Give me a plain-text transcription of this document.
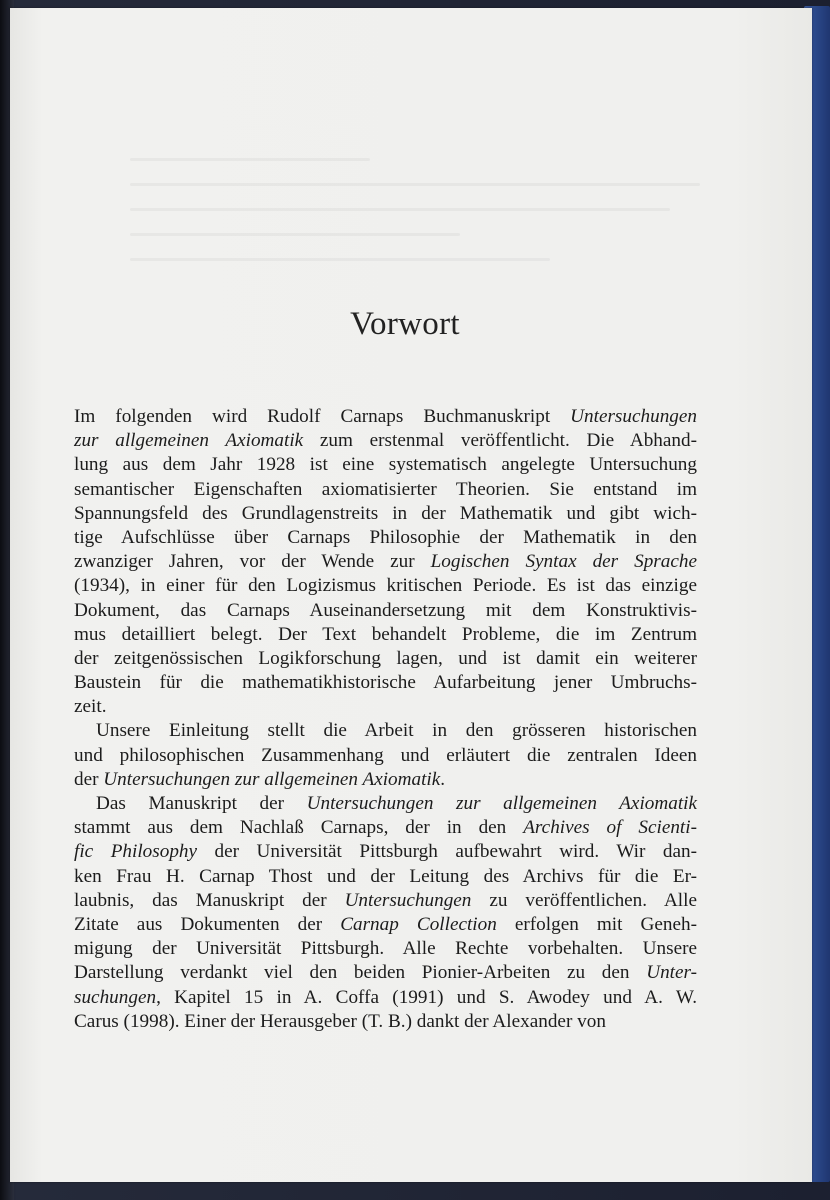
Vorwort

Im folgenden wird Rudolf Carnaps Buchmanuskript Untersuchungen
zur allgemeinen Axiomatik zum erstenmal veröffentlicht. Die Abhand-
lung aus dem Jahr 1928 ist eine systematisch angelegte Untersuchung
semantischer Eigenschaften axiomatisierter Theorien. Sie entstand im
Spannungsfeld des Grundlagenstreits in der Mathematik und gibt wich-
tige Aufschlüsse über Carnaps Philosophie der Mathematik in den
zwanziger Jahren, vor der Wende zur Logischen Syntax der Sprache
(1934), in einer für den Logizismus kritischen Periode. Es ist das einzige
Dokument, das Carnaps Auseinandersetzung mit dem Konstruktivis-
mus detailliert belegt. Der Text behandelt Probleme, die im Zentrum
der zeitgenössischen Logikforschung lagen, und ist damit ein weiterer
Baustein für die mathematikhistorische Aufarbeitung jener Umbruchs-
zeit.

Unsere Einleitung stellt die Arbeit in den grösseren historischen
und philosophischen Zusammenhang und erläutert die zentralen Ideen
der Untersuchungen zur allgemeinen Axiomatik.

Das Manuskript der Untersuchungen zur allgemeinen Axiomatik
stammt aus dem Nachlaß Carnaps, der in den Archives of Scienti-
fic Philosophy der Universität Pittsburgh aufbewahrt wird. Wir dan-
ken Frau H. Carnap Thost und der Leitung des Archivs für die Er-
laubnis, das Manuskript der Untersuchungen zu veröffentlichen. Alle
Zitate aus Dokumenten der Carnap Collection erfolgen mit Geneh-
migung der Universität Pittsburgh. Alle Rechte vorbehalten. Unsere
Darstellung verdankt viel den beiden Pionier-Arbeiten zu den Unter-
suchungen, Kapitel 15 in A. Coffa (1991) und S. Awodey und A. W.
Carus (1998). Einer der Herausgeber (T. B.) dankt der Alexander von
